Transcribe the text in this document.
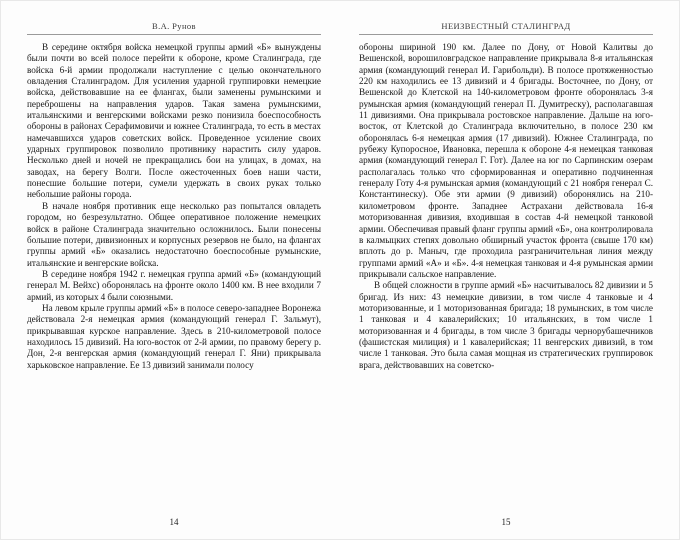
В.А. Рунов

В середине октября войска немецкой группы армий «Б» вынуждены были почти во всей полосе перейти к обороне, кроме Сталинграда, где войска 6-й армии продолжали наступление с целью окончательного овладения Сталинградом. Для усиления ударной группировки немецкие войска, действовавшие на ее флангах, были заменены румынскими и переброшены на направления ударов. Такая замена румынскими, итальянскими и венгерскими войсками резко понизила боеспособность обороны в районах Серафимовичи и южнее Сталинграда, то есть в местах намечавшихся ударов советских войск. Проведенное усиление своих ударных группировок позволило противнику нарастить силу ударов. Несколько дней и ночей не прекращались бои на улицах, в домах, на заводах, на берегу Волги. После ожесточенных боев наши части, понесшие большие потери, сумели удержать в своих руках только небольшие районы города.

В начале ноября противник еще несколько раз попытался овладеть городом, но безрезультатно. Общее оперативное положение немецких войск в районе Сталинграда значительно осложнилось. Были понесены большие потери, дивизионных и корпусных резервов не было, на флангах группы армий «Б» оказались недостаточно боеспособные румынские, итальянские и венгерские войска.

В середине ноября 1942 г. немецкая группа армий «Б» (командующий генерал М. Вейхс) оборонялась на фронте около 1400 км. В нее входили 7 армий, из которых 4 были союзными.

На левом крыле группы армий «Б» в полосе северо-западнее Воронежа действовала 2-я немецкая армия (командующий генерал Г. Зальмут), прикрывавшая курское направление. Здесь в 210-километровой полосе находилось 15 дивизий. На юго-восток от 2-й армии, по правому берегу р. Дон, 2-я венгерская армия (командующий генерал Г. Яни) прикрывала харьковское направление. Ее 13 дивизий занимали полосу

14
НЕИЗВЕСТНЫЙ СТАЛИНГРАД

обороны шириной 190 км. Далее по Дону, от Новой Калитвы до Вешенской, ворошиловградское направление прикрывала 8-я итальянская армия (командующий генерал И. Гарибольди). В полосе протяженностью 220 км находились ее 13 дивизий и 4 бригады. Восточнее, по Дону, от Вешенской до Клетской на 140-километровом фронте оборонялась 3-я румынская армия (командующий генерал П. Думитреску), располагавшая 11 дивизиями. Она прикрывала ростовское направление. Дальше на юго-восток, от Клетской до Сталинграда включительно, в полосе 230 км оборонялась 6-я немецкая армия (17 дивизий). Южнее Сталинграда, по рубежу Купоросное, Ивановка, перешла к обороне 4-я немецкая танковая армия (командующий генерал Г. Гот). Далее на юг по Сарпинским озерам располагалась только что сформированная и оперативно подчиненная генералу Готу 4-я румынская армия (командующий с 21 ноября генерал С. Константинеску). Обе эти армии (9 дивизий) оборонялись на 210-километровом фронте. Западнее Астрахани действовала 16-я моторизованная дивизия, входившая в состав 4-й немецкой танковой армии. Обеспечивая правый фланг группы армий «Б», она контролировала в калмыцких степях довольно обширный участок фронта (свыше 170 км) вплоть до р. Маныч, где проходила разграничительная линия между группами армий «А» и «Б». 4-я немецкая танковая и 4-я румынская армии прикрывали сальское направление.

В общей сложности в группе армий «Б» насчитывалось 82 дивизии и 5 бригад. Из них: 43 немецкие дивизии, в том числе 4 танковые и 4 моторизованные, и 1 моторизованная бригада; 18 румынских, в том числе 1 танковая и 4 кавалерийских; 10 итальянских, в том числе 1 моторизованная и 4 бригады, в том числе 3 бригады чернорубашечников (фашистская милиция) и 1 кавалерийская; 11 венгерских дивизий, в том числе 1 танковая. Это была самая мощная из стратегических группировок врага, действовавших на советско-

15
